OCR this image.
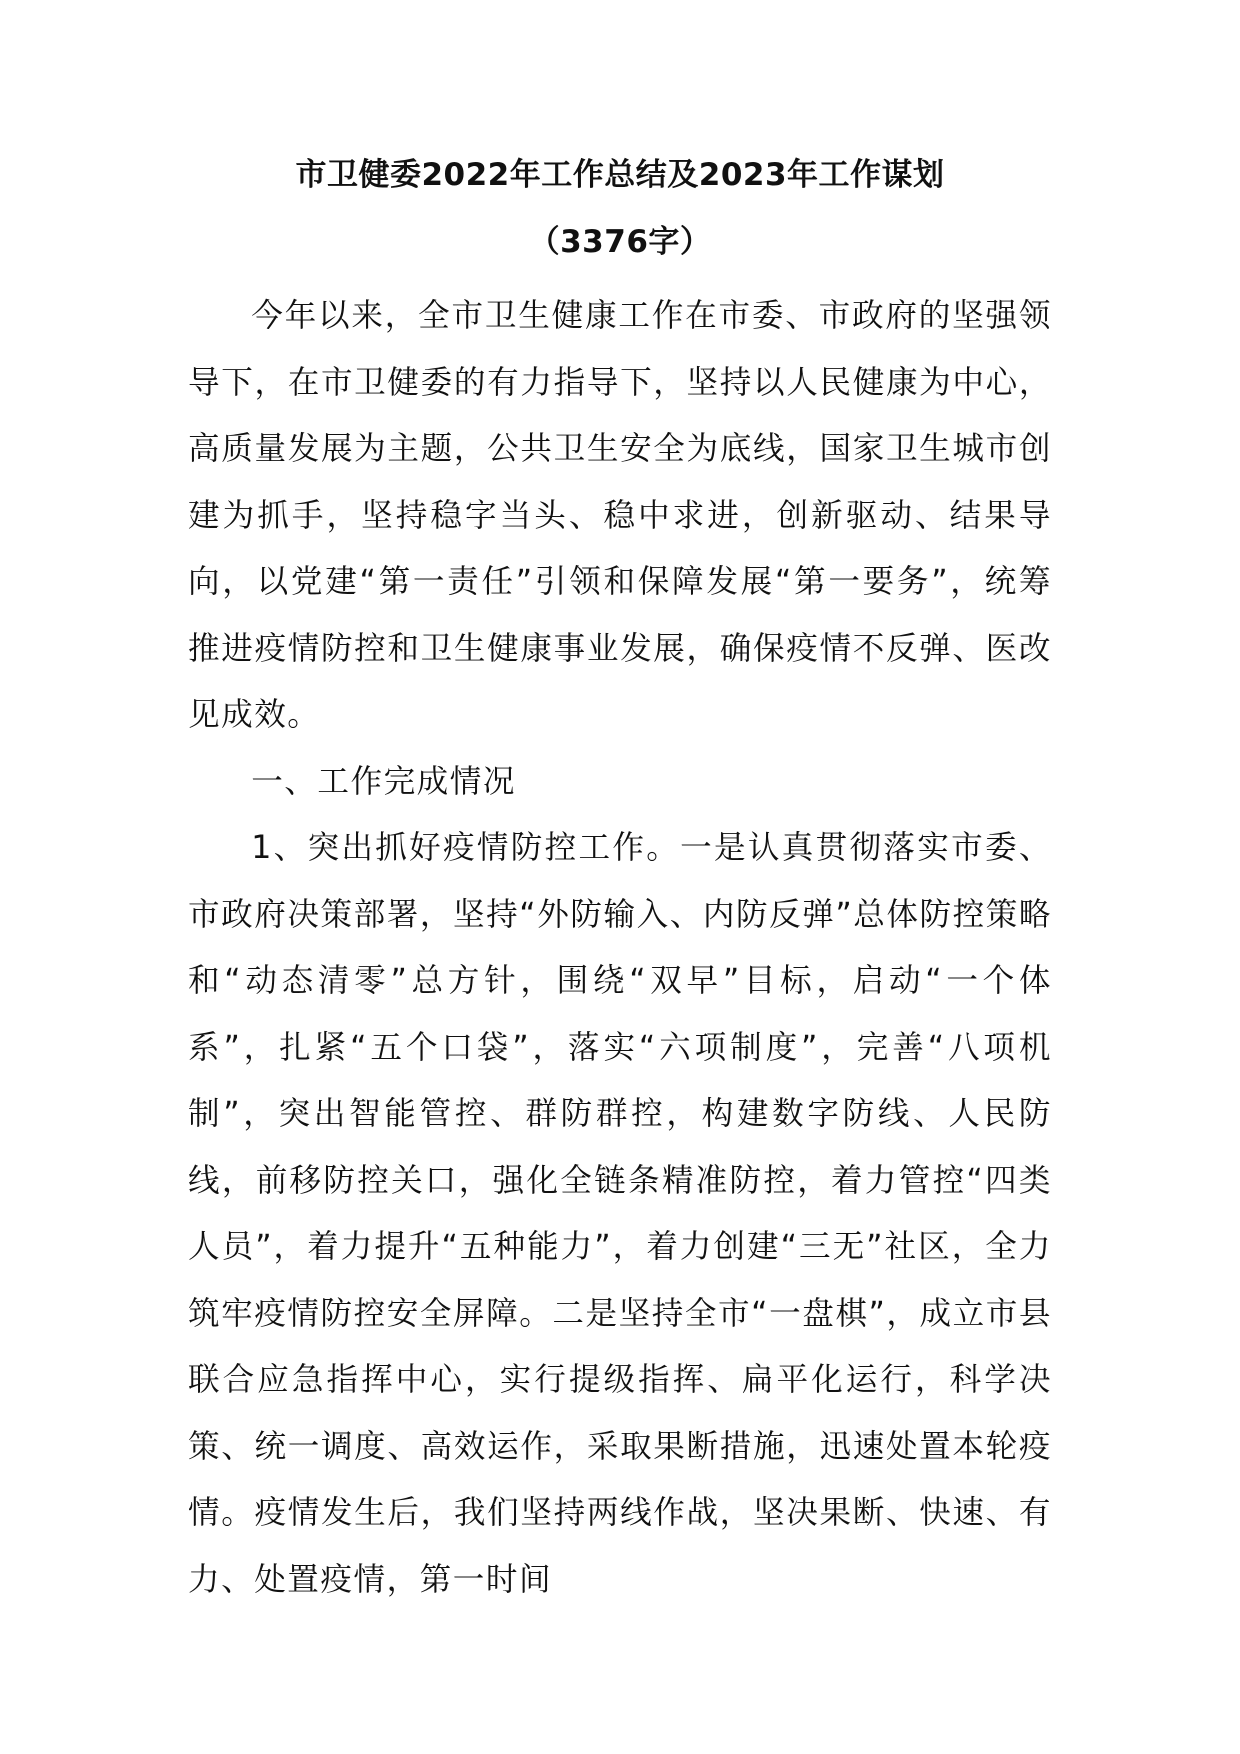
市卫健委2022年工作总结及2023年工作谋划
（3376字）

今年以来，全市卫生健康工作在市委、市政府的坚强领导下，在市卫健委的有力指导下，坚持以人民健康为中心，高质量发展为主题，公共卫生安全为底线，国家卫生城市创建为抓手，坚持稳字当头、稳中求进，创新驱动、结果导向，以党建“第一责任”引领和保障发展“第一要务”，统筹推进疫情防控和卫生健康事业发展，确保疫情不反弹、医改见成效。

一、工作完成情况

1、突出抓好疫情防控工作。一是认真贯彻落实市委、市政府决策部署，坚持“外防输入、内防反弹”总体防控策略和“动态清零”总方针，围绕“双早”目标，启动“一个体系”，扎紧“五个口袋”，落实“六项制度”，完善“八项机制”，突出智能管控、群防群控，构建数字防线、人民防线，前移防控关口，强化全链条精准防控，着力管控“四类人员”，着力提升“五种能力”，着力创建“三无”社区，全力筑牢疫情防控安全屏障。二是坚持全市“一盘棋”，成立市县联合应急指挥中心，实行提级指挥、扁平化运行，科学决策、统一调度、高效运作，采取果断措施，迅速处置本轮疫情。疫情发生后，我们坚持两线作战，坚决果断、快速、有力、处置疫情，第一时间
